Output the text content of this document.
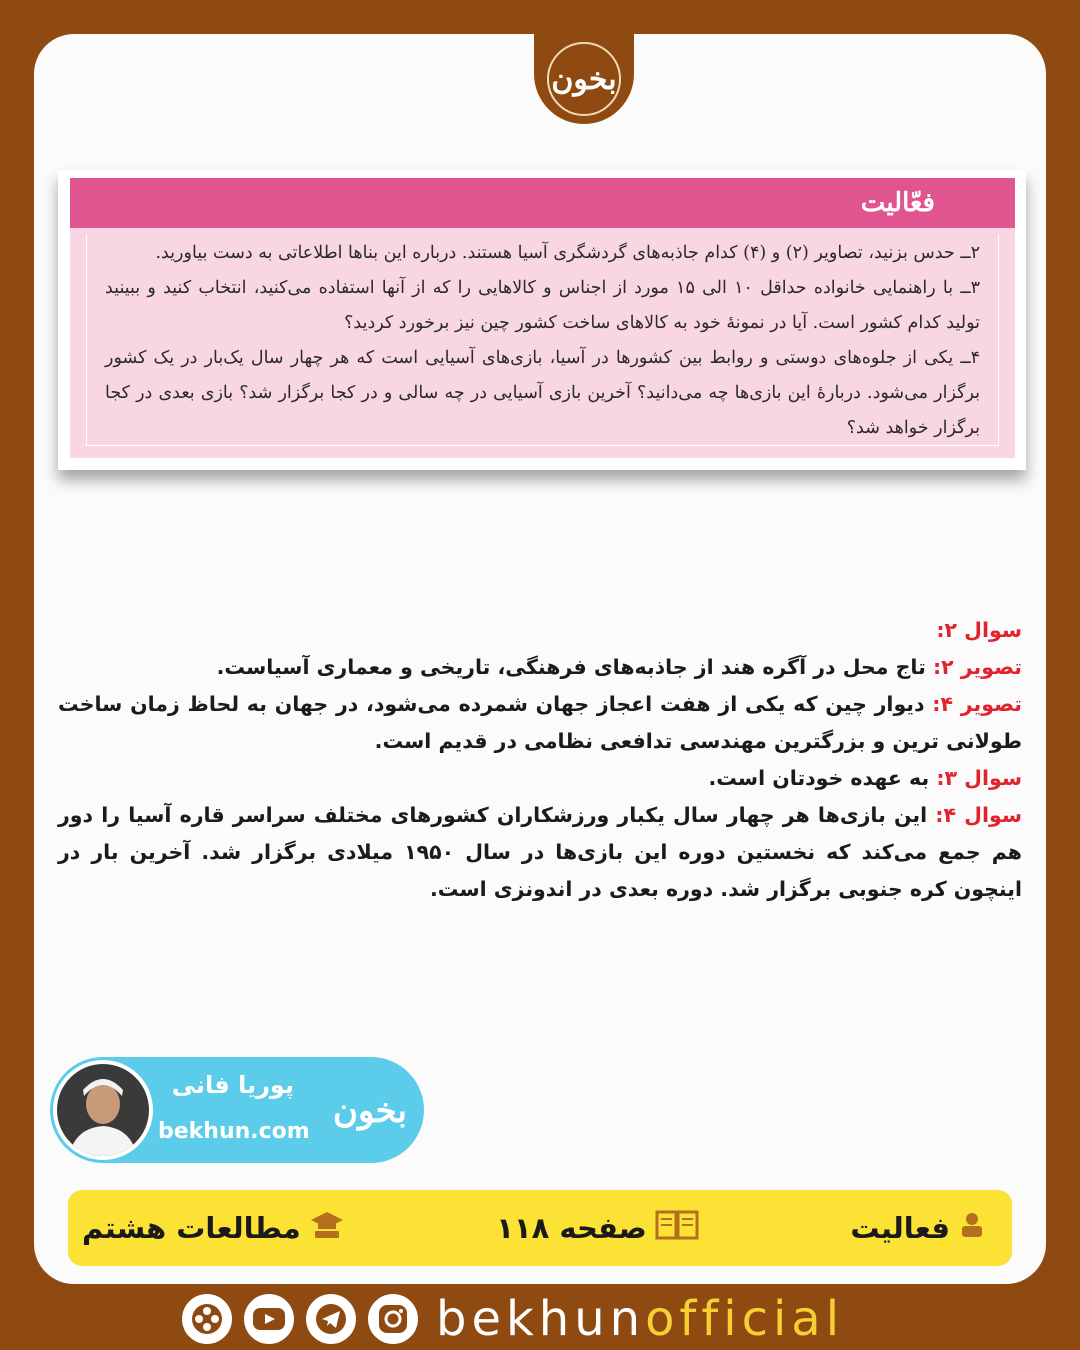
بخون
فعّالیت

۲ــ حدس بزنید، تصاویر (۲) و (۴) کدام جاذبه‌های گردشگری آسیا هستند. درباره این بناها اطلاعاتی به دست بیاورید.

۳ــ با راهنمایی خانواده حداقل ۱۰ الی ۱۵ مورد از اجناس و کالاهایی را که از آنها استفاده می‌کنید، انتخاب کنید و ببینید تولید کدام کشور است. آیا در نمونهٔ خود به کالاهای ساخت کشور چین نیز برخورد کردید؟

۴ــ یکی از جلوه‌های دوستی و روابط بین کشورها در آسیا، بازی‌های آسیایی است که هر چهار سال یک‌بار در یک کشور برگزار می‌شود. دربارهٔ این بازی‌ها چه می‌دانید؟ آخرین بازی آسیایی در چه سالی و در کجا برگزار شد؟ بازی بعدی در کجا برگزار خواهد شد؟

سوال ۲:

تصویر ۲: تاج محل در آگره هند از جاذبه‌های فرهنگی، تاریخی و معماری آسیاست.

تصویر ۴: دیوار چین که یکی از هفت اعجاز جهان شمرده می‌شود، در جهان به لحاظ زمان ساخت طولانی ترین و بزرگترین مهندسی تدافعی نظامی در قدیم است.

سوال ۳: به عهده خودتان است.

سوال ۴: این بازی‌ها هر چهار سال یکبار ورزشکاران کشورهای مختلف سراسر قاره آسیا را دور هم جمع می‌کند که نخستین دوره این بازی‌ها در سال ۱۹۵۰ میلادی برگزار شد. آخرین بار در اینچون کره جنوبی برگزار شد. دوره بعدی در اندونزی است.

پوریا فانی
bekhun.com
بخون
فعالیت
صفحه ۱۱۸
مطالعات هشتم
bekhunofficial
